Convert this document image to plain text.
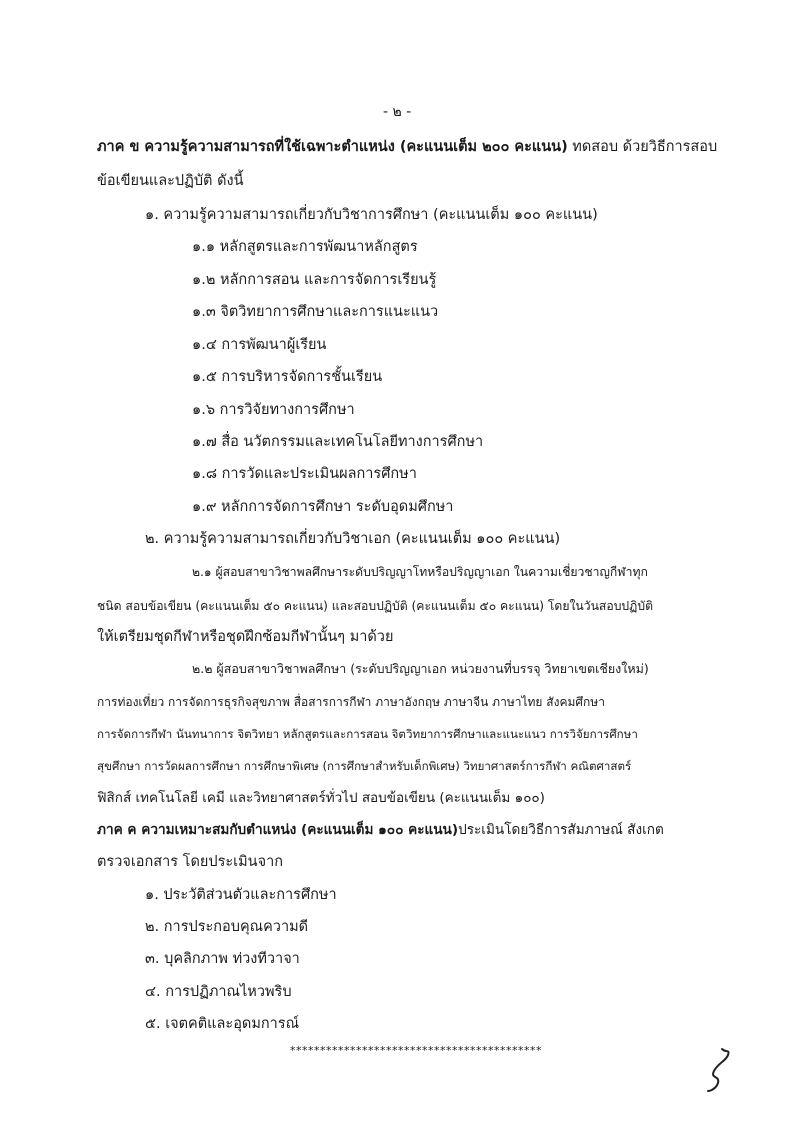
- ๒ -
ภาค ข ความรู้ความสามารถที่ใช้เฉพาะตำแหน่ง (คะแนนเต็ม ๒๐๐ คะแนน) ทดสอบ ด้วยวิธีการสอบ
ข้อเขียนและปฏิบัติ ดังนี้
๑. ความรู้ความสามารถเกี่ยวกับวิชาการศึกษา (คะแนนเต็ม ๑๐๐ คะแนน)
๑.๑ หลักสูตรและการพัฒนาหลักสูตร
๑.๒ หลักการสอน และการจัดการเรียนรู้
๑.๓ จิตวิทยาการศึกษาและการแนะแนว
๑.๔ การพัฒนาผู้เรียน
๑.๕ การบริหารจัดการชั้นเรียน
๑.๖ การวิจัยทางการศึกษา
๑.๗ สื่อ นวัตกรรมและเทคโนโลยีทางการศึกษา
๑.๘ การวัดและประเมินผลการศึกษา
๑.๙ หลักการจัดการศึกษา ระดับอุดมศึกษา
๒. ความรู้ความสามารถเกี่ยวกับวิชาเอก (คะแนนเต็ม ๑๐๐ คะแนน)
๒.๑ ผู้สอบสาขาวิชาพลศึกษาระดับปริญญาโทหรือปริญญาเอก ในความเชี่ยวชาญกีฬาทุก
ชนิด สอบข้อเขียน (คะแนนเต็ม ๕๐ คะแนน) และสอบปฏิบัติ (คะแนนเต็ม ๕๐ คะแนน) โดยในวันสอบปฏิบัติ
ให้เตรียมชุดกีฬาหรือชุดฝึกซ้อมกีฬานั้นๆ มาด้วย
๒.๒ ผู้สอบสาขาวิชาพลศึกษา (ระดับปริญญาเอก หน่วยงานที่บรรจุ วิทยาเขตเชียงใหม่)
การท่องเที่ยว การจัดการธุรกิจสุขภาพ สื่อสารการกีฬา ภาษาอังกฤษ ภาษาจีน ภาษาไทย สังคมศึกษา
การจัดการกีฬา นันทนาการ จิตวิทยา หลักสูตรและการสอน จิตวิทยาการศึกษาและแนะแนว การวิจัยการศึกษา
สุขศึกษา การวัดผลการศึกษา การศึกษาพิเศษ (การศึกษาสำหรับเด็กพิเศษ) วิทยาศาสตร์การกีฬา คณิตศาสตร์
ฟิสิกส์ เทคโนโลยี เคมี และวิทยาศาสตร์ทั่วไป สอบข้อเขียน (คะแนนเต็ม ๑๐๐)
ภาค ค ความเหมาะสมกับตำแหน่ง (คะแนนเต็ม ๑๐๐ คะแนน)ประเมินโดยวิธีการสัมภาษณ์ สังเกต
ตรวจเอกสาร โดยประเมินจาก
๑. ประวัติส่วนตัวและการศึกษา
๒. การประกอบคุณความดี
๓. บุคลิกภาพ ท่วงทีวาจา
๔. การปฏิภาณไหวพริบ
๕. เจตคติและอุดมการณ์
******************************************
